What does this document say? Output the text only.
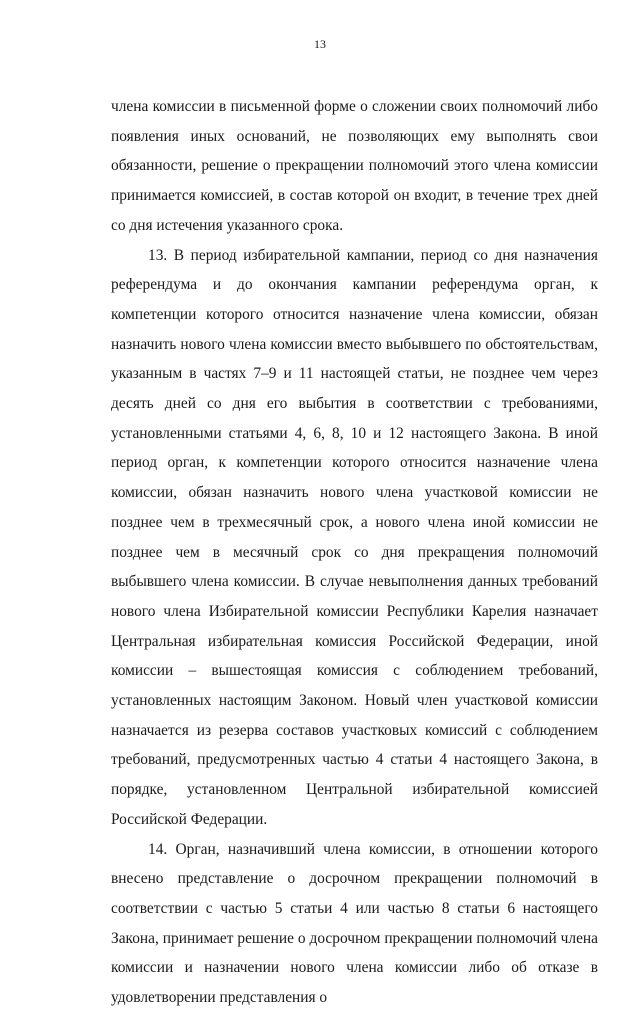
13

члена комиссии в письменной форме о сложении своих полномочий либо появления иных оснований, не позволяющих ему выполнять свои обязанности, решение о прекращении полномочий этого члена комиссии принимается комиссией, в состав которой он входит, в течение трех дней со дня истечения указанного срока.

13. В период избирательной кампании, период со дня назначения референдума и до окончания кампании референдума орган, к компетенции которого относится назначение члена комиссии, обязан назначить нового члена комиссии вместо выбывшего по обстоятельствам, указанным в частях 7–9 и 11 настоящей статьи, не позднее чем через десять дней со дня его выбытия в соответствии с требованиями, установленными статьями 4, 6, 8, 10 и 12 настоящего Закона. В иной период орган, к компетенции которого относится назначение члена комиссии, обязан назначить нового члена участковой комиссии не позднее чем в трехмесячный срок, а нового члена иной комиссии не позднее чем в месячный срок со дня прекращения полномочий выбывшего члена комиссии. В случае невыполнения данных требований нового члена Избирательной комиссии Республики Карелия назначает Центральная избирательная комиссия Российской Федерации, иной комиссии – вышестоящая комиссия с соблюдением требований, установленных настоящим Законом. Новый член участковой комиссии назначается из резерва составов участковых комиссий с соблюдением требований, предусмотренных частью 4 статьи 4 настоящего Закона, в порядке, установленном Центральной избирательной комиссией Российской Федерации.

14. Орган, назначивший члена комиссии, в отношении которого внесено представление о досрочном прекращении полномочий в соответствии с частью 5 статьи 4 или частью 8 статьи 6 настоящего Закона, принимает решение о досрочном прекращении полномочий члена комиссии и назначении нового члена комиссии либо об отказе в удовлетворении представления о
